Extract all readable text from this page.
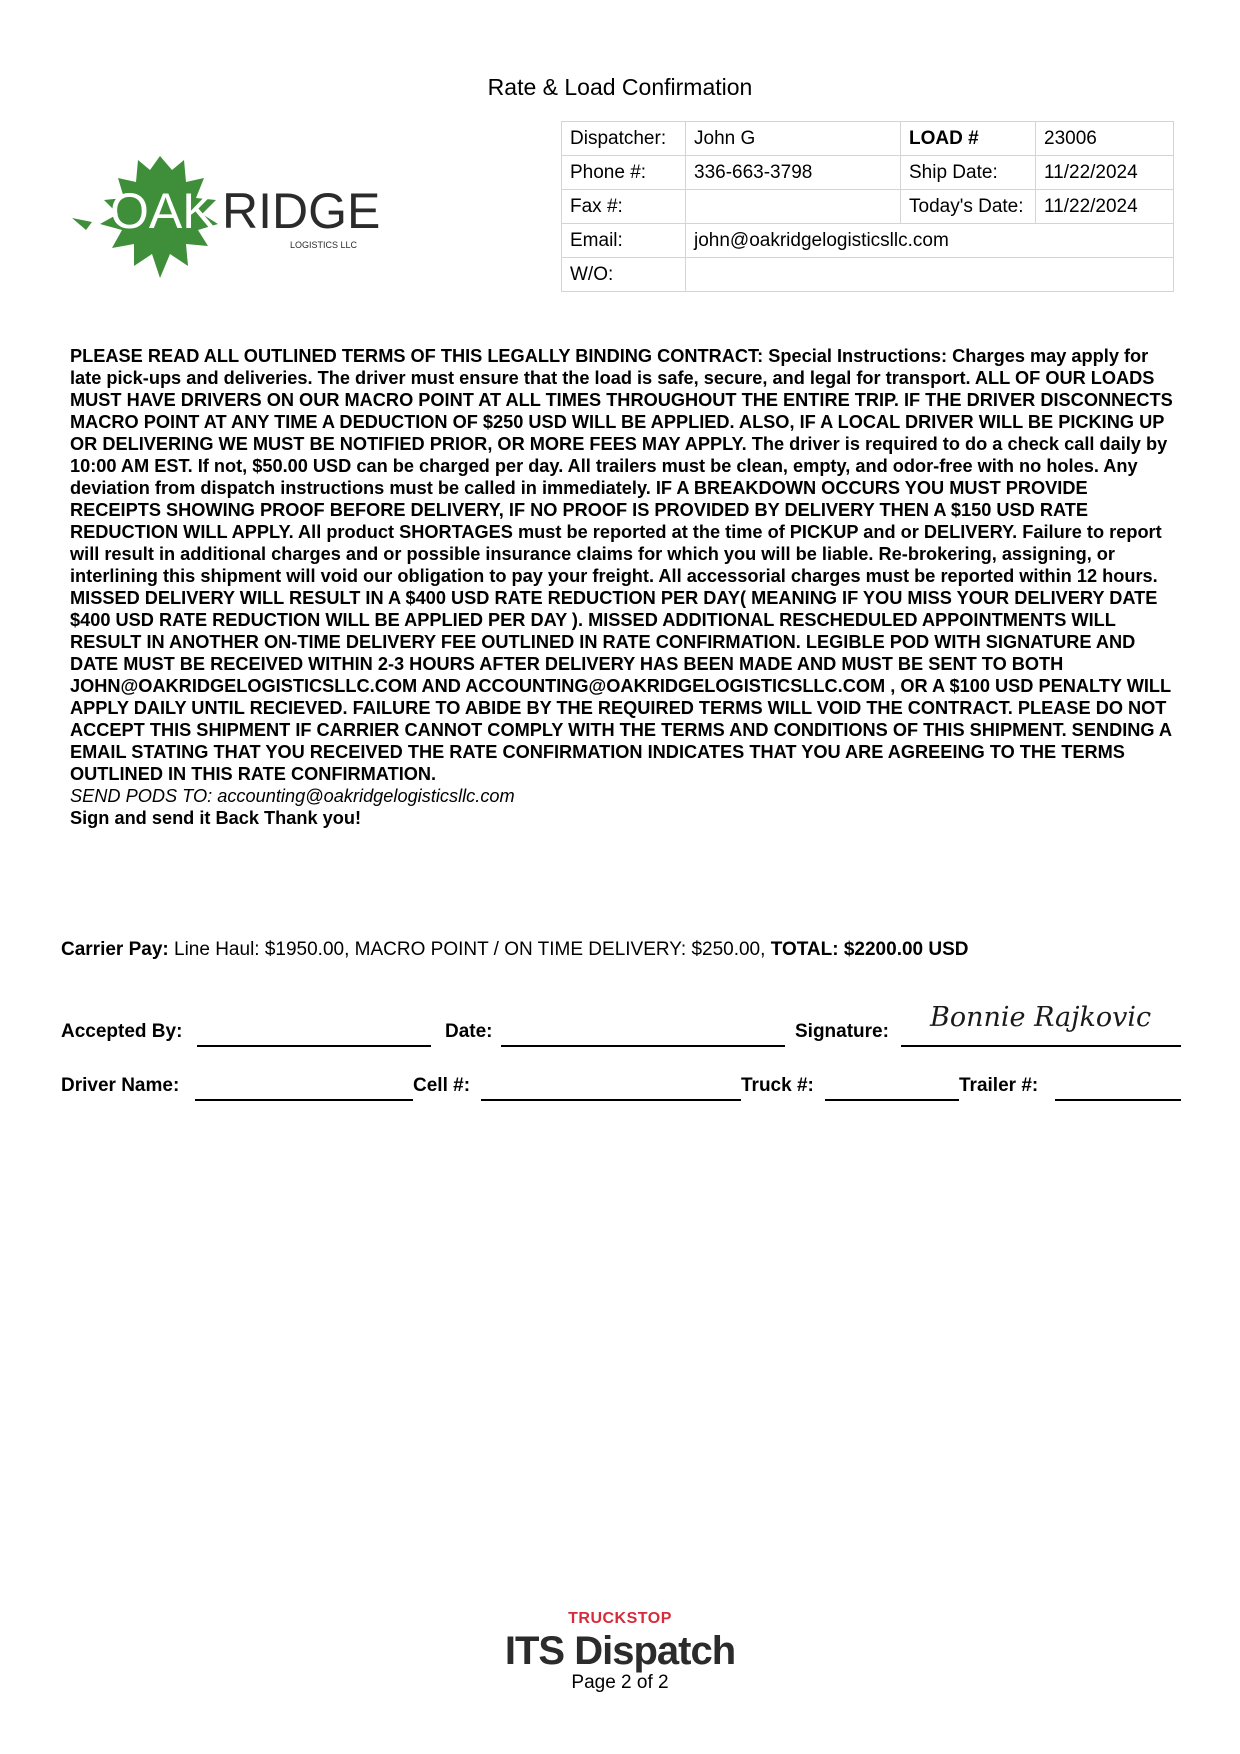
Rate & Load Confirmation
OAK RIDGE
LOGISTICS LLC
Dispatcher:	John G	LOAD #	23006
Phone #:	336-663-3798	Ship Date:	11/22/2024
Fax #:		Today's Date:	11/22/2024
Email:	john@oakridgelogisticsllc.com		
W/O:			

PLEASE READ ALL OUTLINED TERMS OF THIS LEGALLY BINDING CONTRACT: Special Instructions: Charges may apply for late pick-ups and deliveries. The driver must ensure that the load is safe, secure, and legal for transport. ALL OF OUR LOADS MUST HAVE DRIVERS ON OUR MACRO POINT AT ALL TIMES THROUGHOUT THE ENTIRE TRIP. IF THE DRIVER DISCONNECTS MACRO POINT AT ANY TIME A DEDUCTION OF $250 USD WILL BE APPLIED. ALSO, IF A LOCAL DRIVER WILL BE PICKING UP OR DELIVERING WE MUST BE NOTIFIED PRIOR, OR MORE FEES MAY APPLY. The driver is required to do a check call daily by 10:00 AM EST. If not, $50.00 USD can be charged per day. All trailers must be clean, empty, and odor-free with no holes. Any deviation from dispatch instructions must be called in immediately. IF A BREAKDOWN OCCURS YOU MUST PROVIDE RECEIPTS SHOWING PROOF BEFORE DELIVERY, IF NO PROOF IS PROVIDED BY DELIVERY THEN A $150 USD RATE REDUCTION WILL APPLY. All product SHORTAGES must be reported at the time of PICKUP and or DELIVERY. Failure to report will result in additional charges and or possible insurance claims for which you will be liable. Re-brokering, assigning, or interlining this shipment will void our obligation to pay your freight. All accessorial charges must be reported within 12 hours. MISSED DELIVERY WILL RESULT IN A $400 USD RATE REDUCTION PER DAY( MEANING IF YOU MISS YOUR DELIVERY DATE $400 USD RATE REDUCTION WILL BE APPLIED PER DAY ). MISSED ADDITIONAL RESCHEDULED APPOINTMENTS WILL RESULT IN ANOTHER ON-TIME DELIVERY FEE OUTLINED IN RATE CONFIRMATION. LEGIBLE POD WITH SIGNATURE AND DATE MUST BE RECEIVED WITHIN 2-3 HOURS AFTER DELIVERY HAS BEEN MADE AND MUST BE SENT TO BOTH JOHN@OAKRIDGELOGISTICSLLC.COM AND ACCOUNTING@OAKRIDGELOGISTICSLLC.COM , OR A $100 USD PENALTY WILL APPLY DAILY UNTIL RECIEVED. FAILURE TO ABIDE BY THE REQUIRED TERMS WILL VOID THE CONTRACT. PLEASE DO NOT ACCEPT THIS SHIPMENT IF CARRIER CANNOT COMPLY WITH THE TERMS AND CONDITIONS OF THIS SHIPMENT. SENDING A EMAIL STATING THAT YOU RECEIVED THE RATE CONFIRMATION INDICATES THAT YOU ARE AGREEING TO THE TERMS OUTLINED IN THIS RATE CONFIRMATION.

SEND PODS TO: accounting@oakridgelogisticsllc.com

Sign and send it Back Thank you!

Carrier Pay: Line Haul: $1950.00, MACRO POINT / ON TIME DELIVERY: $250.00, TOTAL: $2200.00 USD
Accepted By:	Date:	Signature: Bonnie Rajkovic
Driver Name:	Cell #:	Truck #:	Trailer #:
TRUCKSTOP
ITS Dispatch
Page 2 of 2
